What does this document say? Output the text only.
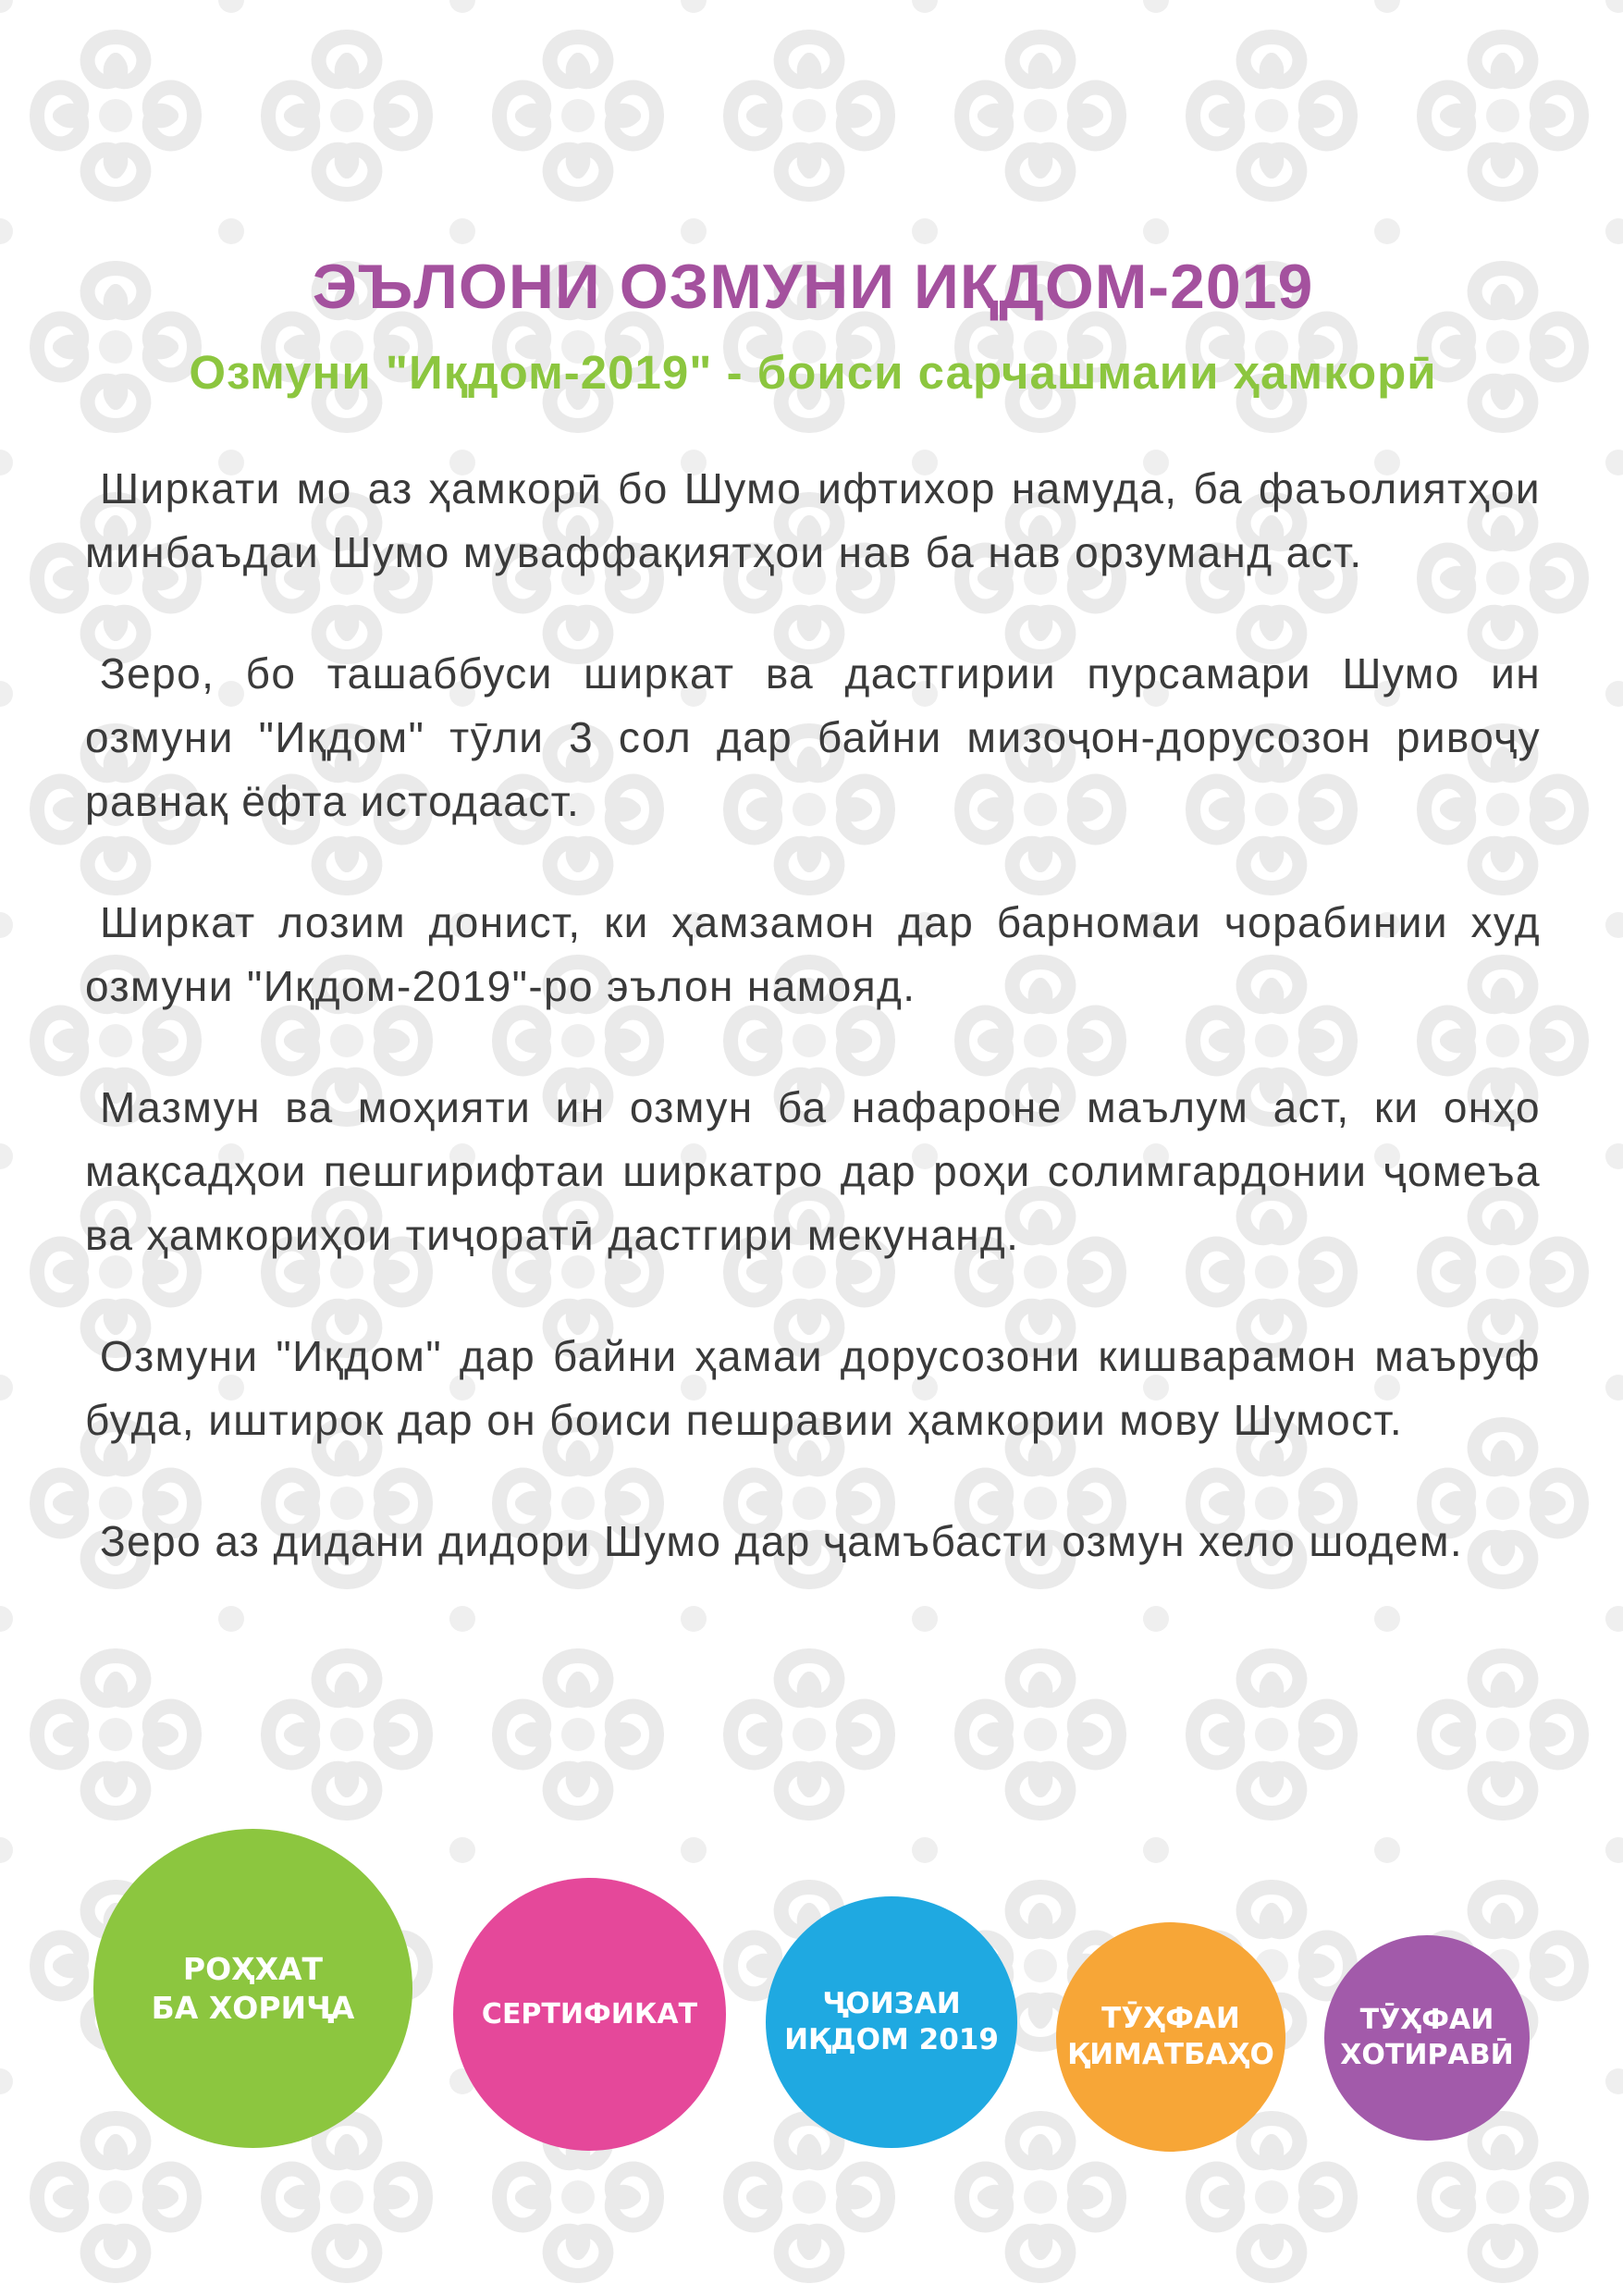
ЭЪЛОНИ ОЗМУНИ ИҚДОМ-2019
Озмуни "Иқдом-2019" - боиси сарчашмаии ҳамкорӣ

Ширкати мо аз ҳамкорӣ бо Шумо ифтихор намуда, ба фаъолиятҳои минбаъдаи Шумо муваффақиятҳои нав ба нав орзуманд аст.

Зеро, бо ташаббуси ширкат ва дастгирии пурсамари Шумо ин озмуни "Иқдом" тӯли 3 сол дар байни мизоҷон-дорусозон ривоҷу равнақ ёфта истодааст.

Ширкат лозим донист, ки ҳамзамон дар барномаи чорабинии худ озмуни "Иқдом-2019"-ро эълон намояд.

Мазмун ва моҳияти ин озмун ба нафароне маълум аст, ки онҳо мақсадҳои пешгирифтаи ширкатро дар роҳи солимгардонии ҷомеъа ва ҳамкориҳои тиҷоратӣ дастгири мекунанд.

Озмуни "Иқдом" дар байни ҳамаи дорусозони кишварамон маъруф буда, иштирок дар он боиси пешравии ҳамкории мову Шумост.

Зеро аз дидани дидори Шумо дар ҷамъбасти озмун хело шодем.

РОҲХАТ
БА ХОРИҶА	СЕРТИФИКАТ	ҶОИЗАИ
ИҚДОМ 2019
ТӮҲФАИ
ҚИМАТБАҲО
ТӮҲФАИ
ХОТИРАВӢ
